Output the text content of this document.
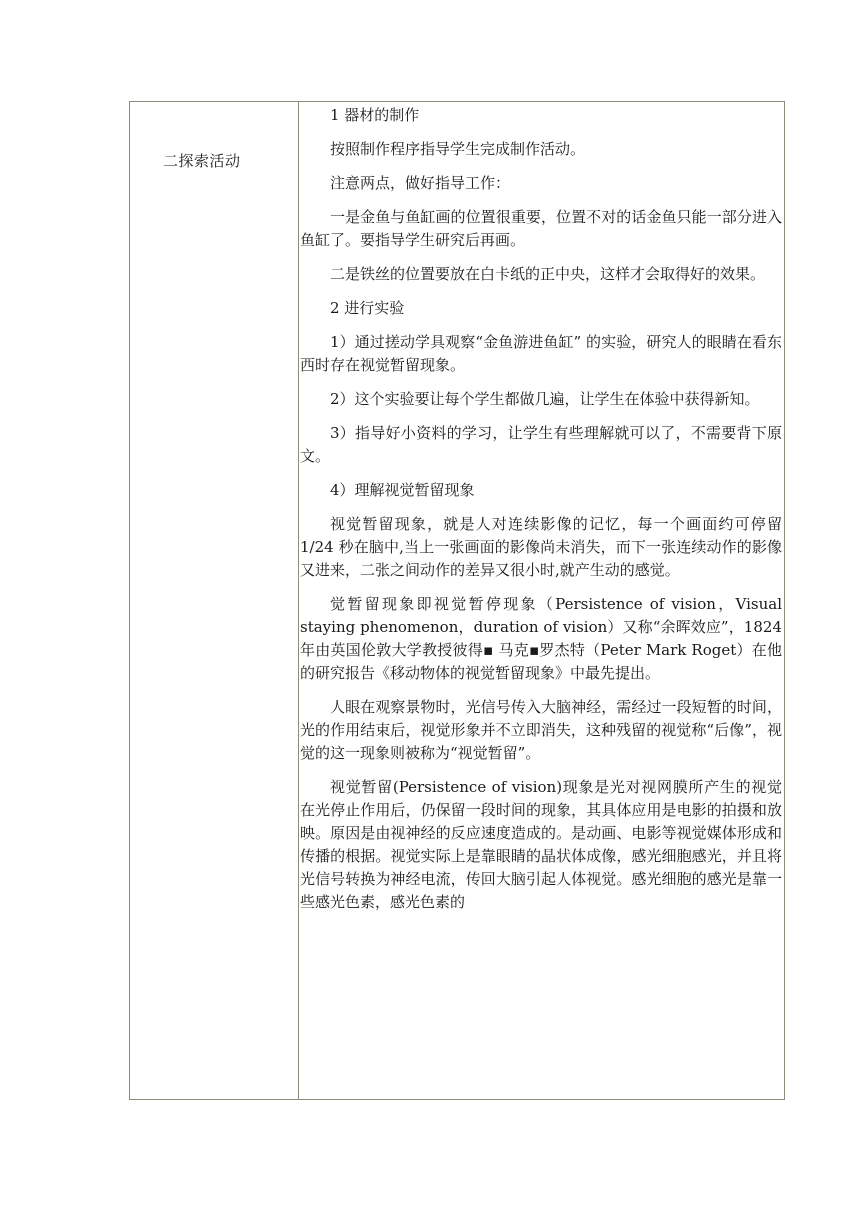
二探索活动

1 器材的制作

按照制作程序指导学生完成制作活动。

注意两点，做好指导工作：

一是金鱼与鱼缸画的位置很重要，位置不对的话金鱼只能一部分进入鱼缸了。要指导学生研究后再画。

二是铁丝的位置要放在白卡纸的正中央，这样才会取得好的效果。

2 进行实验

1）通过搓动学具观察“金鱼游进鱼缸” 的实验，研究人的眼睛在看东西时存在视觉暂留现象。

2）这个实验要让每个学生都做几遍，让学生在体验中获得新知。

3）指导好小资料的学习，让学生有些理解就可以了，不需要背下原文。

4）理解视觉暂留现象

视觉暂留现象，就是人对连续影像的记忆，每一个画面约可停留 1/24 秒在脑中,当上一张画面的影像尚未消失，而下一张连续动作的影像又进来，二张之间动作的差异又很小时,就产生动的感觉。

觉暂留现象即视觉暂停现象（Persistence of vision，Visual staying phenomenon，duration of vision）又称“余晖效应”，1824 年由英国伦敦大学教授彼得▪ 马克▪罗杰特（Peter Mark Roget）在他的研究报告《移动物体的视觉暂留现象》中最先提出。

人眼在观察景物时，光信号传入大脑神经，需经过一段短暂的时间，光的作用结束后，视觉形象并不立即消失，这种残留的视觉称“后像”，视觉的这一现象则被称为“视觉暂留”。

视觉暂留(Persistence of vision)现象是光对视网膜所产生的视觉在光停止作用后，仍保留一段时间的现象，其具体应用是电影的拍摄和放映。原因是由视神经的反应速度造成的。是动画、电影等视觉媒体形成和传播的根据。视觉实际上是靠眼睛的晶状体成像，感光细胞感光，并且将光信号转换为神经电流，传回大脑引起人体视觉。感光细胞的感光是靠一些感光色素，感光色素的
